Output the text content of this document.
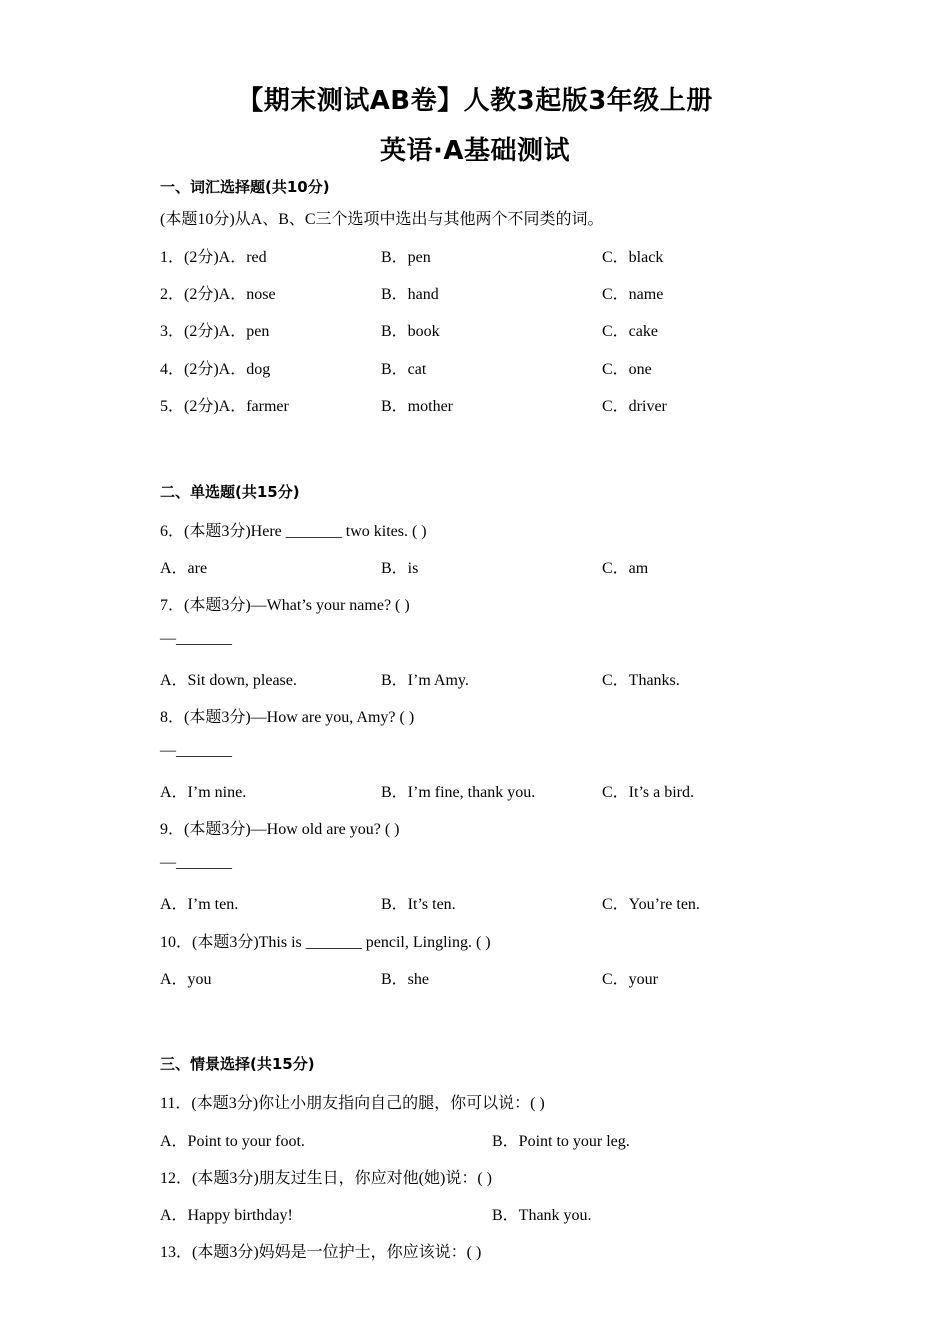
【期末测试AB卷】人教3起版3年级上册
英语·A基础测试
一、词汇选择题(共10分)
(本题10分)从A、B、C三个选项中选出与其他两个不同类的词。
1．(2分)A．red	B．pen	C．black
2．(2分)A．nose	B．hand	C．name
3．(2分)A．pen	B．book	C．cake
4．(2分)A．dog	B．cat	C．one
5．(2分)A．farmer	B．mother	C．driver
二、单选题(共15分)
6．(本题3分)Here _______ two kites. ( )
A．are	B．is	C．am
7．(本题3分)—What’s your name? ( )
—_______
A．Sit down, please.	B．I’m Amy.	C．Thanks.
8．(本题3分)—How are you, Amy? ( )
—_______
A．I’m nine.	B．I’m fine, thank you.	C．It’s a bird.
9．(本题3分)—How old are you? ( )
—_______
A．I’m ten.	B．It’s ten.	C．You’re ten.
10．(本题3分)This is _______ pencil, Lingling. ( )
A．you	B．she	C．your
三、情景选择(共15分)
11．(本题3分)你让小朋友指向自己的腿，你可以说：( )
A．Point to your foot.	B．Point to your leg.
12．(本题3分)朋友过生日，你应对他(她)说：( )
A．Happy birthday!	B．Thank you.
13．(本题3分)妈妈是一位护士，你应该说：( )
